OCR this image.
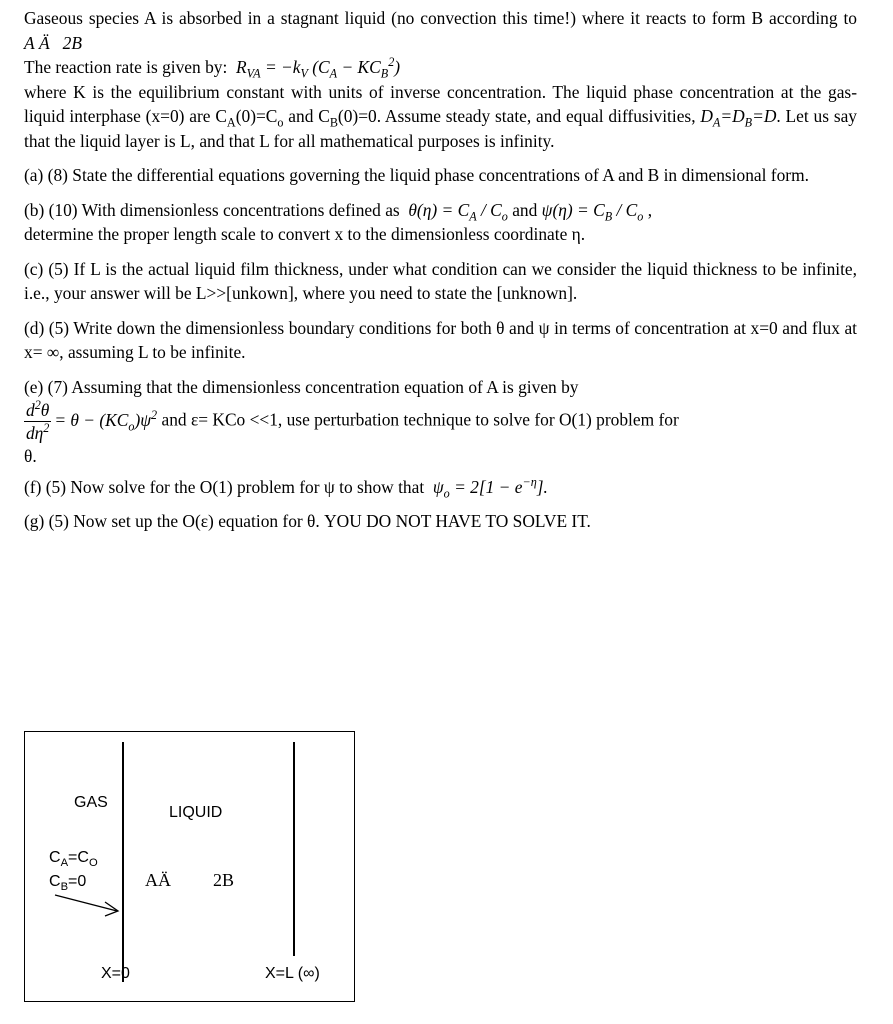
Gaseous species A is absorbed in a stagnant liquid (no convection this time!) where it reacts to form B according to A Ä   2B

The reaction rate is given by:  $R_{VA} = -k_V$ $(C_A - KC_B^2)$

where K is the equilibrium constant with units of inverse concentration. The liquid phase concentration at the gas-liquid interphase (x=0) are $C_A(0)=C_o$ and $C_B(0)=0$. Assume steady state, and equal diffusivities, $D_A=D_B=D$. Let us say that the liquid layer is L, and that L for all mathematical purposes is infinity.

(a) (8) State the differential equations governing the liquid phase concentrations of A and B in dimensional form.

(b) (10) With dimensionless concentrations defined as  $\theta(\eta) = C_A / C_o$ and $\psi(\eta) = C_B / C_o$ ,
determine the proper length scale to convert x to the dimensionless coordinate η.

(c) (5) If L is the actual liquid film thickness, under what condition can we consider the liquid thickness to be infinite, i.e., your answer will be L>>[unkown], where you need to state the [unknown].

(d) (5) Write down the dimensionless boundary conditions for both θ and ψ in terms of concentration at x=0 and flux at x= ∞, assuming L to be infinite.

(e) (7) Assuming that the dimensionless concentration equation of A is given by

$\frac{d^2\theta}{d\eta^2} = \theta - (KC_o)\psi^2$ and ε= KCo <<1, use perturbation technique to solve for O(1) problem for
θ.

(f) (5) Now solve for the O(1) problem for ψ to show that  $\psi_o = 2[1 - e^{-\eta}]$.

(g) (5) Now set up the O(ε) equation for θ. YOU DO NOT HAVE TO SOLVE IT.

GAS
LIQUID
$C_A=C_O$
$C_B=0$	AÄ 2B
X=0	X=L (∞)
